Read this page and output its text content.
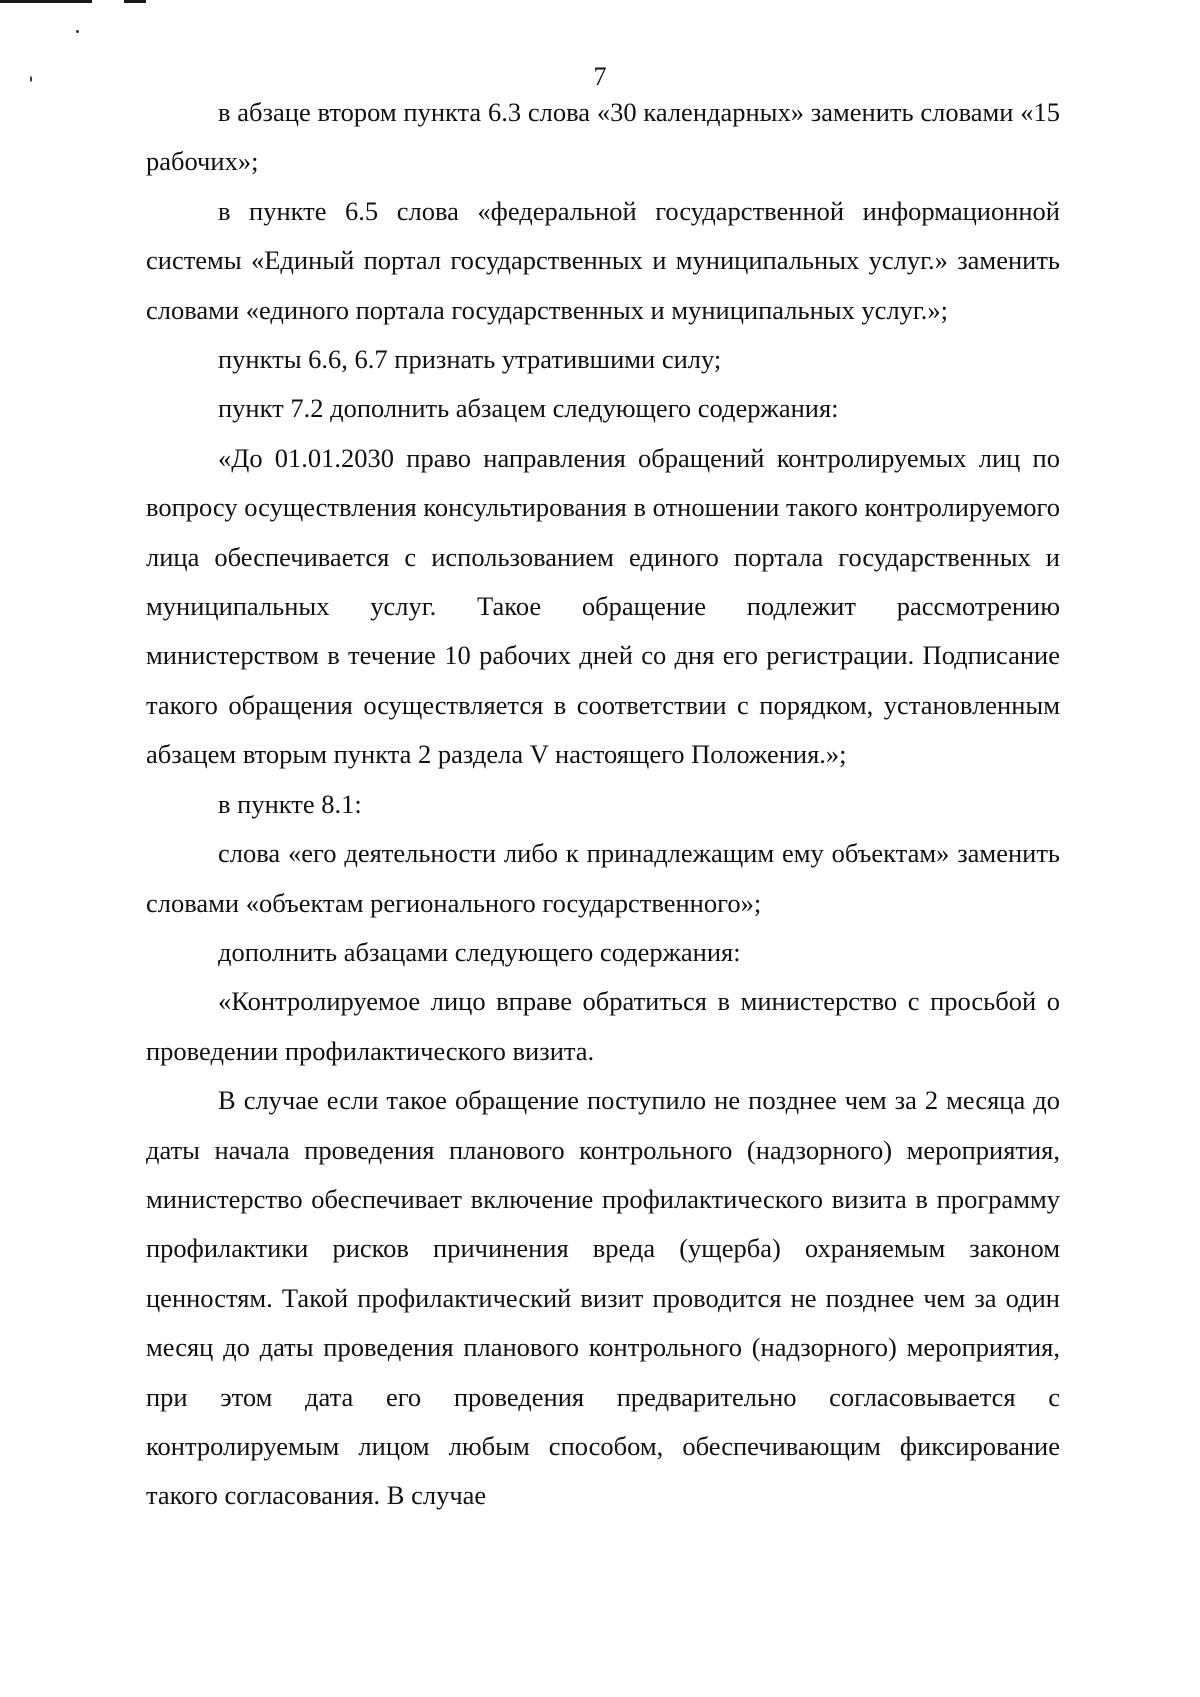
7

в абзаце втором пункта 6.3 слова «30 календарных» заменить словами «15 рабочих»;

в пункте 6.5 слова «федеральной государственной информационной системы «Единый портал государственных и муниципальных услуг.» заменить словами «единого портала государственных и муниципальных услуг.»;

пункты 6.6, 6.7 признать утратившими силу;

пункт 7.2 дополнить абзацем следующего содержания:

«До 01.01.2030 право направления обращений контролируемых лиц по вопросу осуществления консультирования в отношении такого контролируемого лица обеспечивается с использованием единого портала государственных и муниципальных услуг. Такое обращение подлежит рассмотрению министерством в течение 10 рабочих дней со дня его регистрации. Подписание такого обращения осуществляется в соответствии с порядком, установленным абзацем вторым пункта 2 раздела V настоящего Положения.»;

в пункте 8.1:

слова «его деятельности либо к принадлежащим ему объектам» заменить словами «объектам регионального государственного»;

дополнить абзацами следующего содержания:

«Контролируемое лицо вправе обратиться в министерство с просьбой о проведении профилактического визита.

В случае если такое обращение поступило не позднее чем за 2 месяца до даты начала проведения планового контрольного (надзорного) мероприятия, министерство обеспечивает включение профилактического визита в программу профилактики рисков причинения вреда (ущерба) охраняемым законом ценностям. Такой профилактический визит проводится не позднее чем за один месяц до даты проведения планового контрольного (надзорного) мероприятия, при этом дата его проведения предварительно согласовывается с контролируемым лицом любым способом, обеспечивающим фиксирование такого согласования. В случае
